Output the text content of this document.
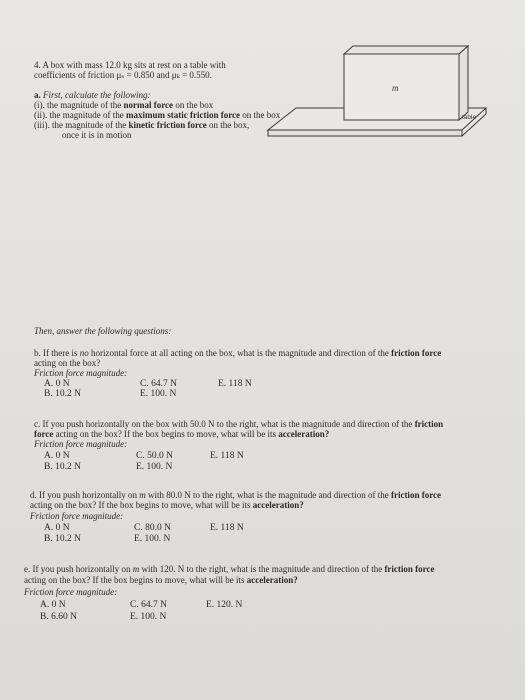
4. A box with mass 12.0 kg sits at rest on a table with
coefficients of friction μₛ = 0.850 and μₖ = 0.550.
a. First, calculate the following:
(i). the magnitude of the normal force on the box
(ii). the magnitude of the maximum static friction force on the box
(iii). the magnitude of the kinetic friction force on the box,
once it is in motion
m
table
Then, answer the following questions:
b. If there is no horizontal force at all acting on the box, what is the magnitude and direction of the friction force
acting on the box?
Friction force magnitude:
A. 0 N
B. 10.2 N
C. 64.7 N
E. 100. N
E. 118 N
c. If you push horizontally on the box with 50.0 N to the right, what is the magnitude and direction of the friction
force acting on the box? If the box begins to move, what will be its acceleration?
Friction force magnitude:
A. 0 N
B. 10.2 N
C. 50.0 N
E. 100. N
E. 118 N
d. If you push horizontally on m with 80.0 N to the right, what is the magnitude and direction of the friction force
acting on the box? If the box begins to move, what will be its acceleration?
Friction force magnitude:
A. 0 N
B. 10.2 N
C. 80.0 N
E. 100. N
E. 118 N
e. If you push horizontally on m with 120. N to the right, what is the magnitude and direction of the friction force
acting on the box? If the box begins to move, what will be its acceleration?
Friction force magnitude:
A. 0 N
B. 6.60 N
C. 64.7 N
E. 100. N
E. 120. N
